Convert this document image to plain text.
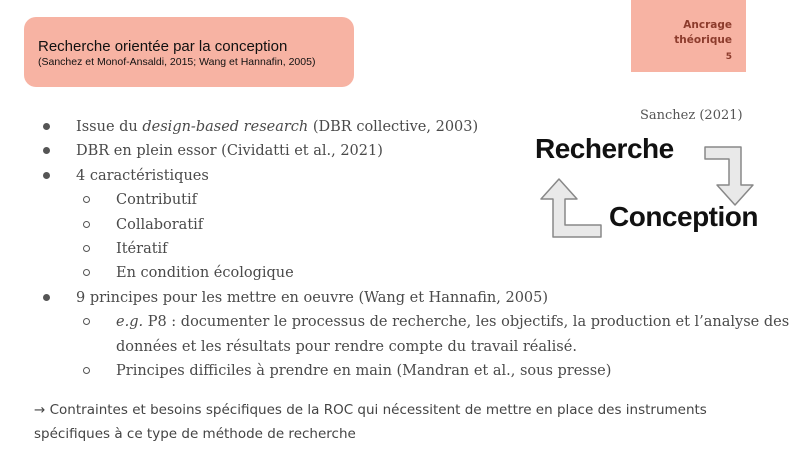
Recherche orientée par la conception
(Sanchez et Monof-Ansaldi, 2015; Wang et Hannafin, 2005)
Ancrage
théorique
5
Sanchez (2021)
Recherche
Conception
Issue du design-based research (DBR collective, 2003)
DBR en plein essor (Cividatti et al., 2021)
4 caractéristiques
Contributif
Collaboratif
Itératif
En condition écologique
9 principes pour les mettre en oeuvre (Wang et Hannafin, 2005)
e.g. P8 : documenter le processus de recherche, les objectifs, la production et l’analyse des
données et les résultats pour rendre compte du travail réalisé.
Principes difficiles à prendre en main (Mandran et al., sous presse)
→ Contraintes et besoins spécifiques de la ROC qui nécessitent de mettre en place des instruments
spécifiques à ce type de méthode de recherche
